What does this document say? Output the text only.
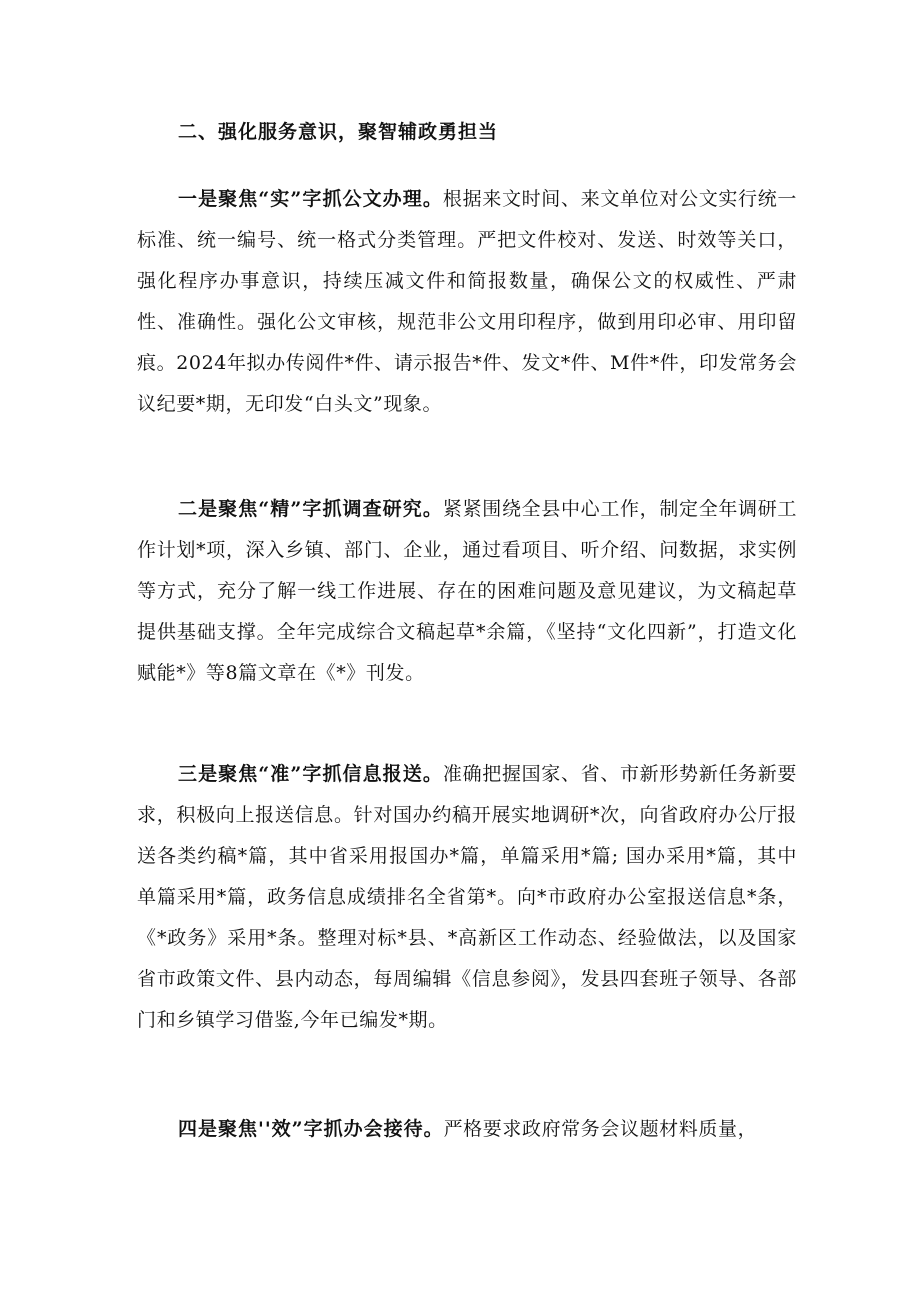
二、强化服务意识，聚智辅政勇担当
一是聚焦“实”字抓公文办理。根据来文时间、来文单位对公文实行统一标准、统一编号、统一格式分类管理。严把文件校对、发送、时效等关口，强化程序办事意识，持续压减文件和简报数量，确保公文的权威性、严肃性、准确性。强化公文审核，规范非公文用印程序，做到用印必审、用印留痕。2024年拟办传阅件*件、请示报告*件、发文*件、M件*件，印发常务会议纪要*期，无印发“白头文”现象。
二是聚焦“精”字抓调查研究。紧紧围绕全县中心工作，制定全年调研工作计划*项，深入乡镇、部门、企业，通过看项目、听介绍、问数据，求实例等方式，充分了解一线工作进展、存在的困难问题及意见建议，为文稿起草提供基础支撑。全年完成综合文稿起草*余篇，《坚持“文化四新”，打造文化赋能*》等8篇文章在《*》刊发。
三是聚焦“准”字抓信息报送。准确把握国家、省、市新形势新任务新要求，积极向上报送信息。针对国办约稿开展实地调研*次，向省政府办公厅报送各类约稿*篇，其中省采用报国办*篇，单篇采用*篇; 国办采用*篇，其中单篇采用*篇，政务信息成绩排名全省第*。向*市政府办公室报送信息*条，《*政务》采用*条。整理对标*县、*高新区工作动态、经验做法，以及国家省市政策文件、县内动态，每周编辑《信息参阅》，发县四套班子领导、各部门和乡镇学习借鉴,今年已编发*期。
四是聚焦''效”字抓办会接待。严格要求政府常务会议题材料质量，
